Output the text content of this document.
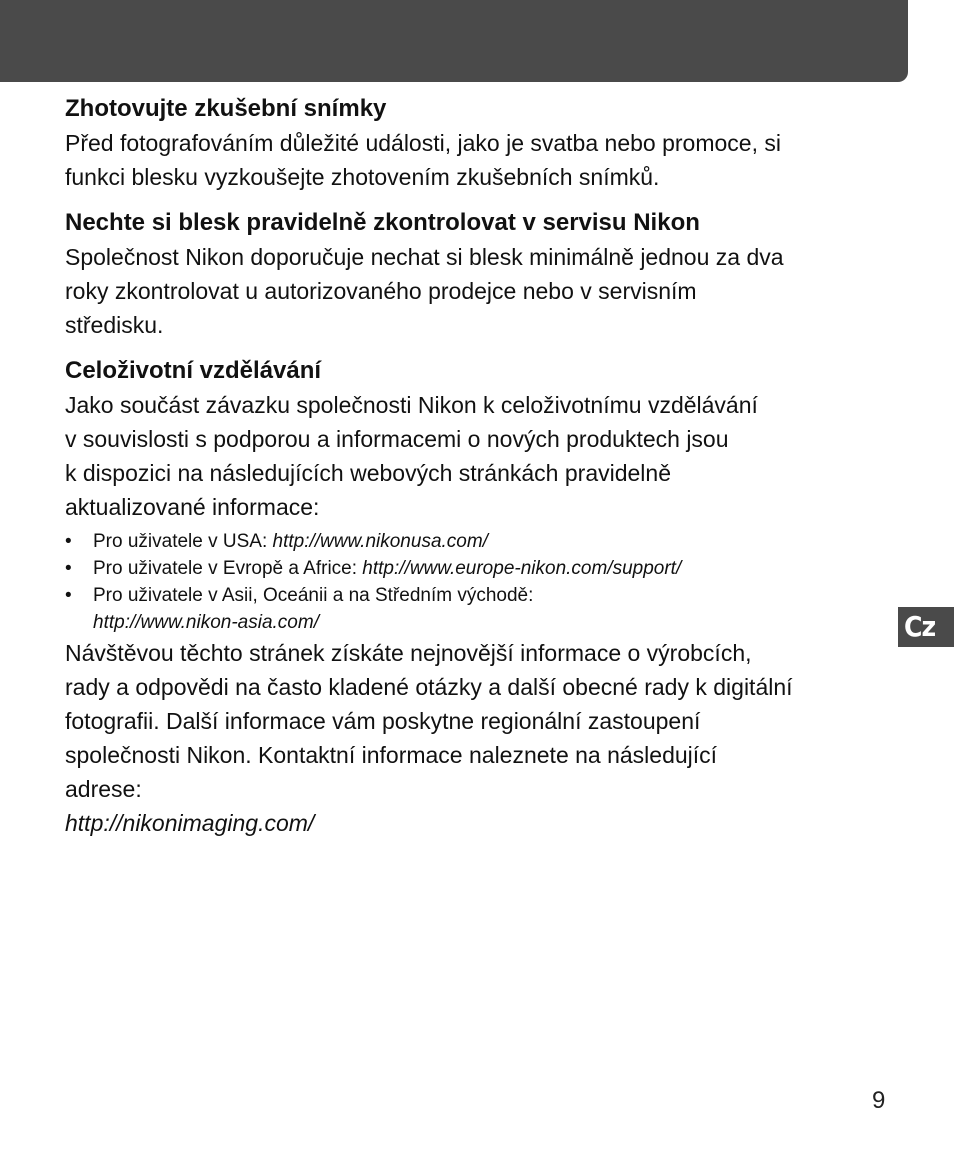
Zhotovujte zkušební snímky

Před fotografováním důležité události, jako je svatba nebo promoce, si
funkci blesku vyzkoušejte zhotovením zkušebních snímků.

Nechte si blesk pravidelně zkontrolovat v servisu Nikon

Společnost Nikon doporučuje nechat si blesk minimálně jednou za dva
roky zkontrolovat u autorizovaného prodejce nebo v servisním
středisku.

Celoživotní vzdělávání

Jako součást závazku společnosti Nikon k celoživotnímu vzdělávání
v souvislosti s podporou a informacemi o nových produktech jsou
k dispozici na následujících webových stránkách pravidelně
aktualizované informace:

• Pro uživatele v USA: http://www.nikonusa.com/
• Pro uživatele v Evropě a Africe: http://www.europe-nikon.com/support/
• Pro uživatele v Asii, Oceánii a na Středním východě:
http://www.nikon-asia.com/

Návštěvou těchto stránek získáte nejnovější informace o výrobcích,
rady a odpovědi na často kladené otázky a další obecné rady k digitální
fotografii. Další informace vám poskytne regionální zastoupení
společnosti Nikon. Kontaktní informace naleznete na následující
adrese:

http://nikonimaging.com/
Cz
9
